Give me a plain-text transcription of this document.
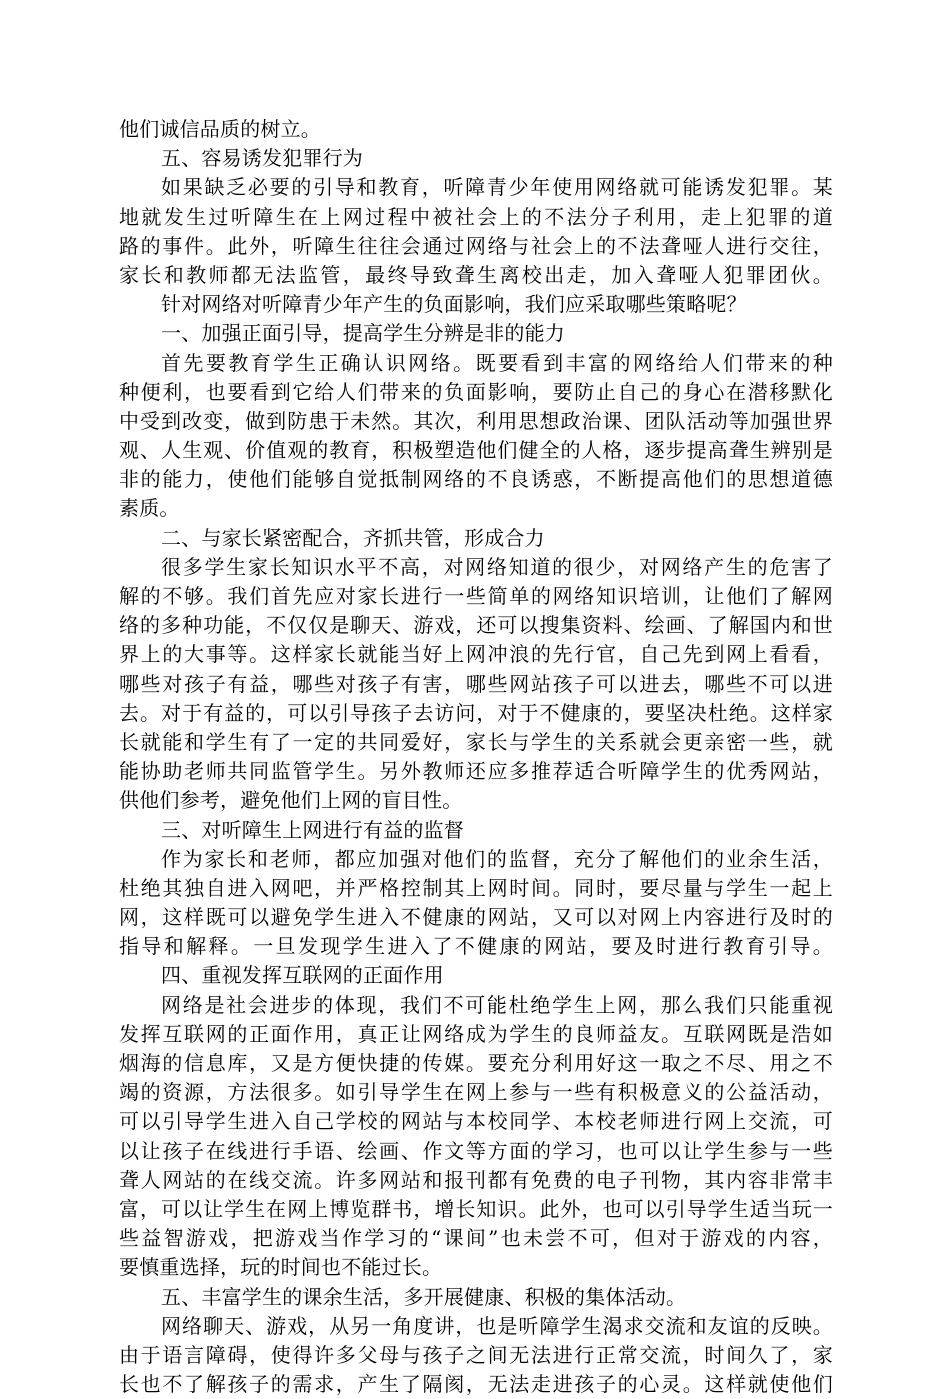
他们诚信品质的树立。
五、容易诱发犯罪行为
如果缺乏必要的引导和教育，听障青少年使用网络就可能诱发犯罪。某
地就发生过听障生在上网过程中被社会上的不法分子利用，走上犯罪的道
路的事件。此外，听障生往往会通过网络与社会上的不法聋哑人进行交往，
家长和教师都无法监管，最终导致聋生离校出走，加入聋哑人犯罪团伙。
针对网络对听障青少年产生的负面影响，我们应采取哪些策略呢？
一、加强正面引导，提高学生分辨是非的能力
首先要教育学生正确认识网络。既要看到丰富的网络给人们带来的种
种便利，也要看到它给人们带来的负面影响，要防止自己的身心在潜移默化
中受到改变，做到防患于未然。其次，利用思想政治课、团队活动等加强世界
观、人生观、价值观的教育，积极塑造他们健全的人格，逐步提高聋生辨别是
非的能力，使他们能够自觉抵制网络的不良诱惑，不断提高他们的思想道德
素质。
二、与家长紧密配合，齐抓共管，形成合力
很多学生家长知识水平不高，对网络知道的很少，对网络产生的危害了
解的不够。我们首先应对家长进行一些简单的网络知识培训，让他们了解网
络的多种功能，不仅仅是聊天、游戏，还可以搜集资料、绘画、了解国内和世
界上的大事等。这样家长就能当好上网冲浪的先行官，自己先到网上看看，
哪些对孩子有益，哪些对孩子有害，哪些网站孩子可以进去，哪些不可以进
去。对于有益的，可以引导孩子去访问，对于不健康的，要坚决杜绝。这样家
长就能和学生有了一定的共同爱好，家长与学生的关系就会更亲密一些，就
能协助老师共同监管学生。另外教师还应多推荐适合听障学生的优秀网站，
供他们参考，避免他们上网的盲目性。
三、对听障生上网进行有益的监督
作为家长和老师，都应加强对他们的监督，充分了解他们的业余生活，
杜绝其独自进入网吧，并严格控制其上网时间。同时，要尽量与学生一起上
网，这样既可以避免学生进入不健康的网站，又可以对网上内容进行及时的
指导和解释。一旦发现学生进入了不健康的网站，要及时进行教育引导。
四、重视发挥互联网的正面作用
网络是社会进步的体现，我们不可能杜绝学生上网，那么我们只能重视
发挥互联网的正面作用，真正让网络成为学生的良师益友。互联网既是浩如
烟海的信息库，又是方便快捷的传媒。要充分利用好这一取之不尽、用之不
竭的资源，方法很多。如引导学生在网上参与一些有积极意义的公益活动，
可以引导学生进入自己学校的网站与本校同学、本校老师进行网上交流，可
以让孩子在线进行手语、绘画、作文等方面的学习，也可以让学生参与一些
聋人网站的在线交流。许多网站和报刊都有免费的电子刊物，其内容非常丰
富，可以让学生在网上博览群书，增长知识。此外，也可以引导学生适当玩一
些益智游戏，把游戏当作学习的“课间”也未尝不可，但对于游戏的内容，
要慎重选择，玩的时间也不能过长。
五、丰富学生的课余生活，多开展健康、积极的集体活动。
网络聊天、游戏，从另一角度讲，也是听障学生渴求交流和友谊的反映。
由于语言障碍，使得许多父母与孩子之间无法进行正常交流，时间久了，家
长也不了解孩子的需求，产生了隔阂，无法走进孩子的心灵。这样就使他们
